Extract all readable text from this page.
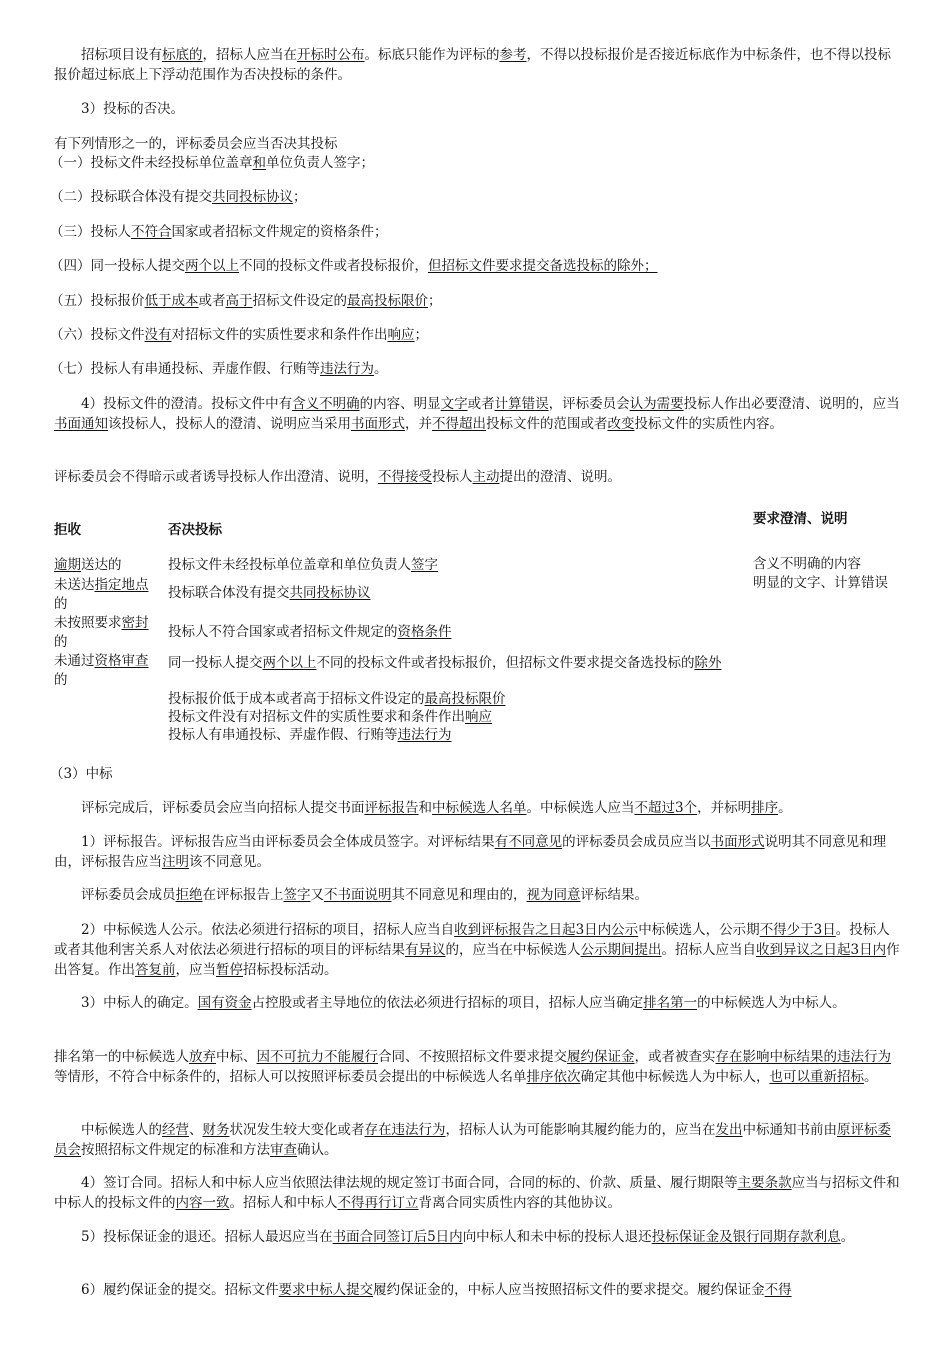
招标项目设有标底的，招标人应当在开标时公布。标底只能作为评标的参考，不得以投标报价是否接近标底作为中标条件，也不得以投标报价超过标底上下浮动范围作为否决投标的条件。

3）投标的否决。

有下列情形之一的，评标委员会应当否决其投标

（一）投标文件未经投标单位盖章和单位负责人签字；

（二）投标联合体没有提交共同投标协议；

（三）投标人不符合国家或者招标文件规定的资格条件；

（四）同一投标人提交两个以上不同的投标文件或者投标报价，但招标文件要求提交备选投标的除外；

（五）投标报价低于成本或者高于招标文件设定的最高投标限价；

（六）投标文件没有对招标文件的实质性要求和条件作出响应；

（七）投标人有串通投标、弄虚作假、行贿等违法行为。

4）投标文件的澄清。投标文件中有含义不明确的内容、明显文字或者计算错误，评标委员会认为需要投标人作出必要澄清、说明的，应当书面通知该投标人，投标人的澄清、说明应当采用书面形式，并不得超出投标文件的范围或者改变投标文件的实质性内容。

评标委员会不得暗示或者诱导投标人作出澄清、说明，不得接受投标人主动提出的澄清、说明。

拒收	否决投标
要求澄清、说明
逾期送达的
未送达指定地点的
未按照要求密封的
未通过资格审查的
投标文件未经投标单位盖章和单位负责人签字
投标联合体没有提交共同投标协议
投标人不符合国家或者招标文件规定的资格条件
同一投标人提交两个以上不同的投标文件或者投标报价，但招标文件要求提交备选投标的除外
投标报价低于成本或者高于招标文件设定的最高投标限价
投标文件没有对招标文件的实质性要求和条件作出响应
投标人有串通投标、弄虚作假、行贿等违法行为
含义不明确的内容
明显的文字、计算错误

（3）中标

评标完成后，评标委员会应当向招标人提交书面评标报告和中标候选人名单。中标候选人应当不超过3个，并标明排序。

1）评标报告。评标报告应当由评标委员会全体成员签字。对评标结果有不同意见的评标委员会成员应当以书面形式说明其不同意见和理由，评标报告应当注明该不同意见。

评标委员会成员拒绝在评标报告上签字又不书面说明其不同意见和理由的，视为同意评标结果。

2）中标候选人公示。依法必须进行招标的项目，招标人应当自收到评标报告之日起3日内公示中标候选人，公示期不得少于3日。投标人或者其他利害关系人对依法必须进行招标的项目的评标结果有异议的，应当在中标候选人公示期间提出。招标人应当自收到异议之日起3日内作出答复。作出答复前，应当暂停招标投标活动。

3）中标人的确定。国有资金占控股或者主导地位的依法必须进行招标的项目，招标人应当确定排名第一的中标候选人为中标人。

排名第一的中标候选人放弃中标、因不可抗力不能履行合同、不按照招标文件要求提交履约保证金，或者被查实存在影响中标结果的违法行为等情形，不符合中标条件的，招标人可以按照评标委员会提出的中标候选人名单排序依次确定其他中标候选人为中标人，也可以重新招标。

中标候选人的经营、财务状况发生较大变化或者存在违法行为，招标人认为可能影响其履约能力的，应当在发出中标通知书前由原评标委员会按照招标文件规定的标准和方法审查确认。

4）签订合同。招标人和中标人应当依照法律法规的规定签订书面合同，合同的标的、价款、质量、履行期限等主要条款应当与招标文件和中标人的投标文件的内容一致。招标人和中标人不得再行订立背离合同实质性内容的其他协议。

5）投标保证金的退还。招标人最迟应当在书面合同签订后5日内向中标人和未中标的投标人退还投标保证金及银行同期存款利息。

6）履约保证金的提交。招标文件要求中标人提交履约保证金的，中标人应当按照招标文件的要求提交。履约保证金不得
